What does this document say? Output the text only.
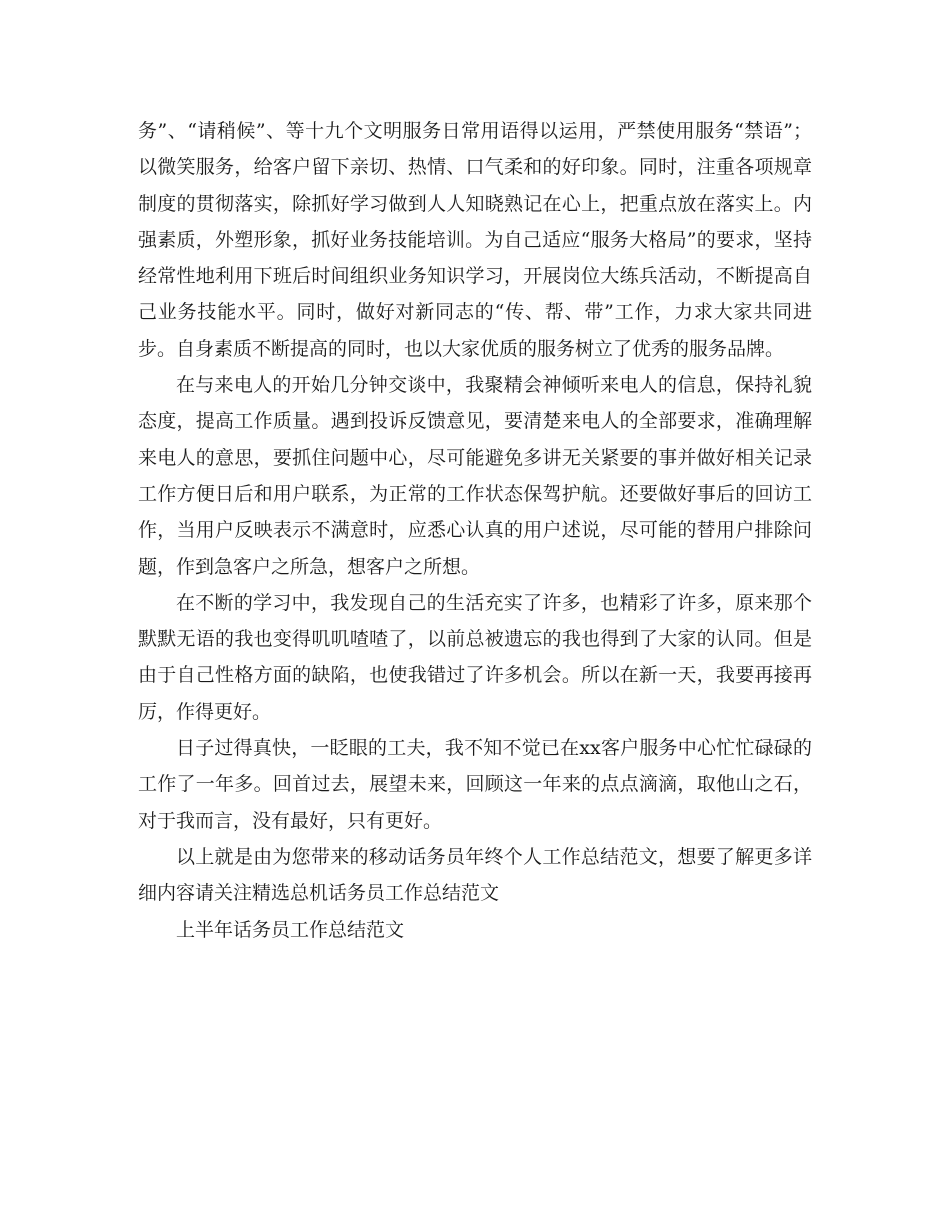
务”、“请稍候”、等十九个文明服务日常用语得以运用，严禁使用服务“禁语”；以微笑服务，给客户留下亲切、热情、口气柔和的好印象。同时，注重各项规章制度的贯彻落实，除抓好学习做到人人知晓熟记在心上，把重点放在落实上。内强素质，外塑形象，抓好业务技能培训。为自己适应“服务大格局”的要求，坚持经常性地利用下班后时间组织业务知识学习，开展岗位大练兵活动，不断提高自己业务技能水平。同时，做好对新同志的“传、帮、带”工作，力求大家共同进步。自身素质不断提高的同时，也以大家优质的服务树立了优秀的服务品牌。

在与来电人的开始几分钟交谈中，我聚精会神倾听来电人的信息，保持礼貌态度，提高工作质量。遇到投诉反馈意见，要清楚来电人的全部要求，准确理解来电人的意思，要抓住问题中心，尽可能避免多讲无关紧要的事并做好相关记录工作方便日后和用户联系，为正常的工作状态保驾护航。还要做好事后的回访工作，当用户反映表示不满意时，应悉心认真的用户述说，尽可能的替用户排除问题，作到急客户之所急，想客户之所想。

在不断的学习中，我发现自己的生活充实了许多，也精彩了许多，原来那个默默无语的我也变得叽叽喳喳了，以前总被遗忘的我也得到了大家的认同。但是由于自己性格方面的缺陷，也使我错过了许多机会。所以在新一天，我要再接再厉，作得更好。

日子过得真快，一眨眼的工夫，我不知不觉已在xx客户服务中心忙忙碌碌的工作了一年多。回首过去，展望未来，回顾这一年来的点点滴滴，取他山之石，对于我而言，没有最好，只有更好。

以上就是由为您带来的移动话务员年终个人工作总结范文，想要了解更多详细内容请关注精选总机话务员工作总结范文

上半年话务员工作总结范文
